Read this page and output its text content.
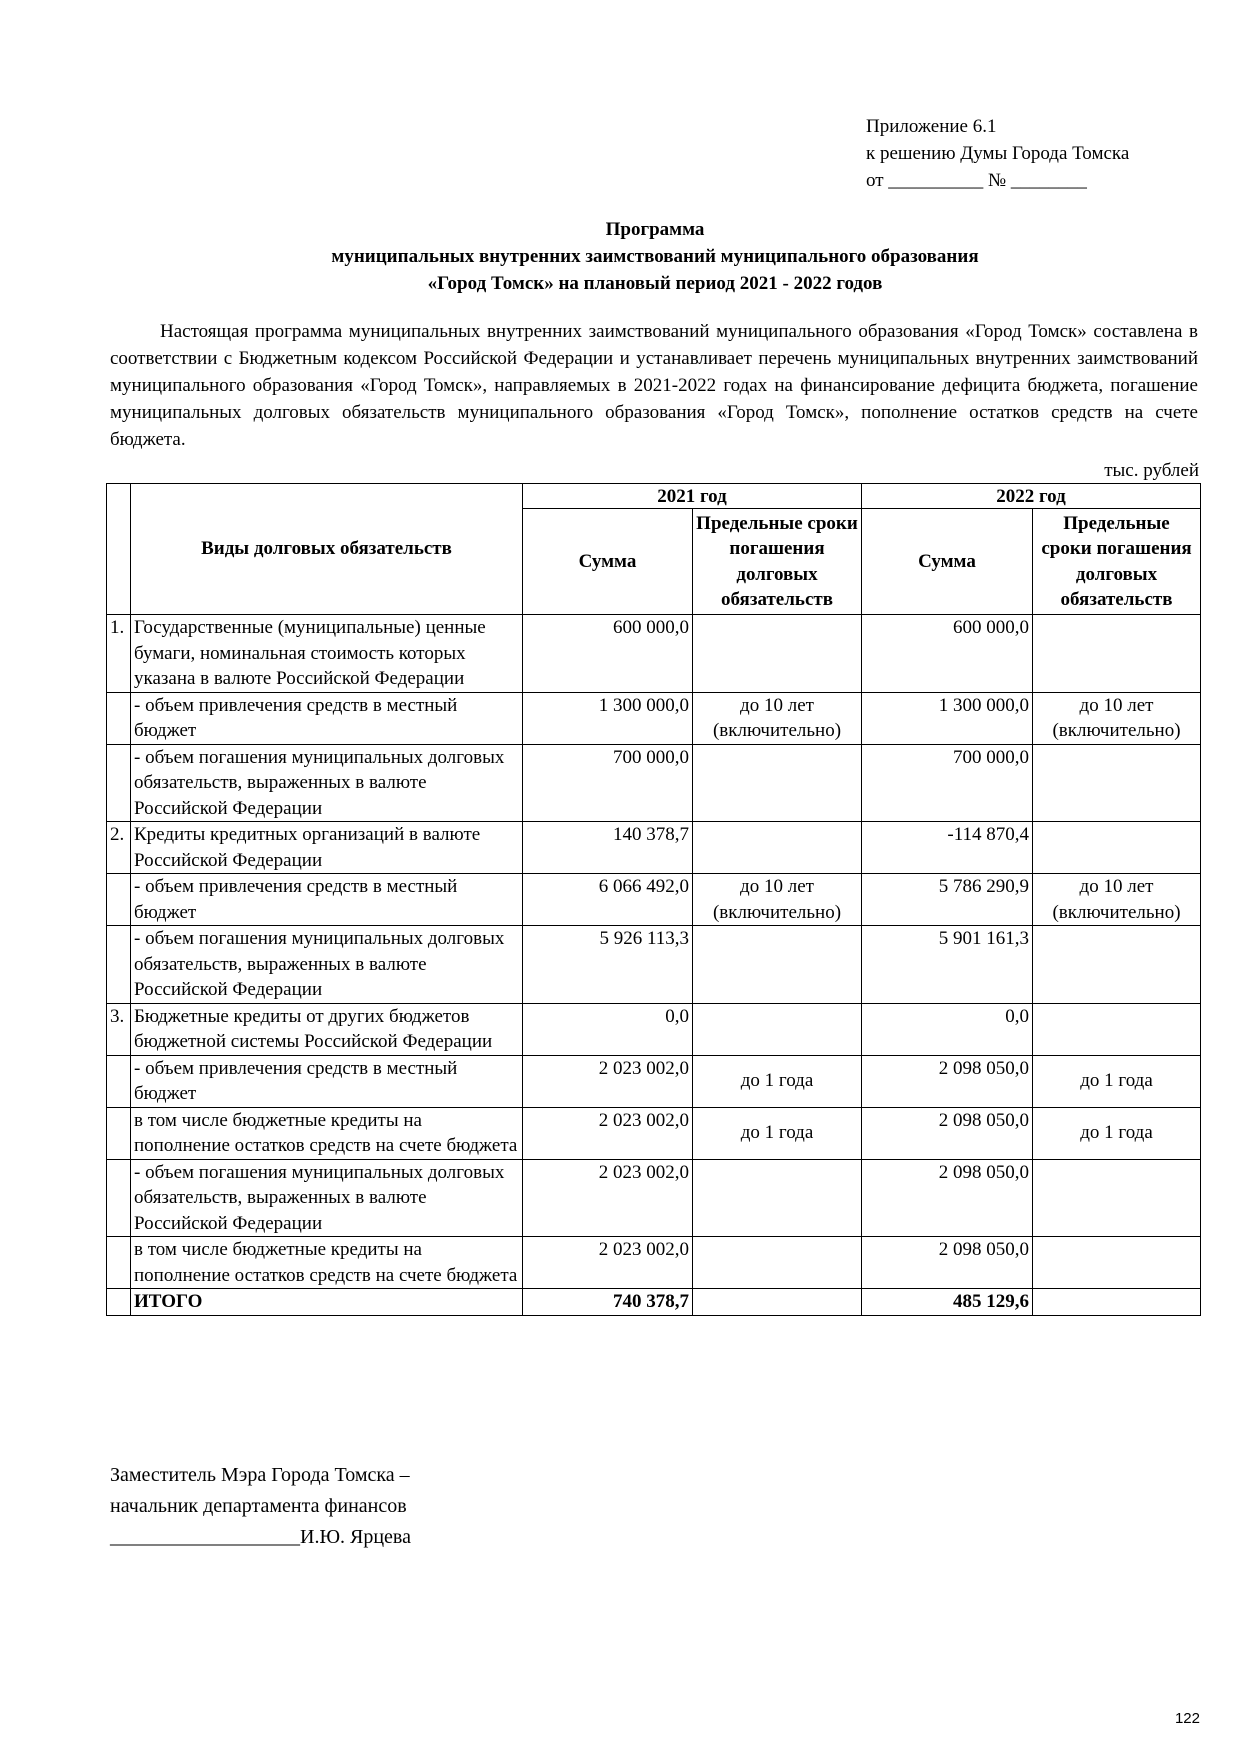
Приложение 6.1
к решению Думы Города Томска
от __________ № ________
Программа
муниципальных внутренних заимствований муниципального образования
«Город Томск» на плановый период 2021 - 2022 годов
Настоящая программа муниципальных внутренних заимствований муниципального образования «Город Томск» составлена в соответствии с Бюджетным кодексом Российской Федерации и устанавливает перечень муниципальных внутренних заимствований муниципального образования «Город Томск», направляемых в 2021-2022 годах на финансирование дефицита бюджета, погашение муниципальных долговых обязательств муниципального образования «Город Томск», пополнение остатков средств на счете бюджета.
тыс. рублей
	Виды долговых обязательств	2021 год		2022 год	
		Сумма	Предельные сроки погашения долговых обязательств	Сумма	Предельные сроки погашения долговых обязательств
1.	Государственные (муниципальные) ценные бумаги, номинальная стоимость которых указана в валюте Российской Федерации	600 000,0		600 000,0	
	- объем привлечения средств в местный бюджет	1 300 000,0	до 10 лет (включительно)	1 300 000,0	до 10 лет (включительно)
	- объем погашения муниципальных долговых обязательств, выраженных в валюте Российской Федерации	700 000,0		700 000,0	
2.	Кредиты кредитных организаций в валюте Российской Федерации	140 378,7		-114 870,4	
	- объем привлечения средств в местный бюджет	6 066 492,0	до 10 лет (включительно)	5 786 290,9	до 10 лет (включительно)
	- объем погашения муниципальных долговых обязательств, выраженных в валюте Российской Федерации	5 926 113,3		5 901 161,3	
3.	Бюджетные кредиты от других бюджетов бюджетной системы Российской Федерации	0,0		0,0	
	- объем привлечения средств в местный бюджет	2 023 002,0	до 1 года	2 098 050,0	до 1 года
	в том числе бюджетные кредиты на пополнение остатков средств на счете бюджета	2 023 002,0	до 1 года	2 098 050,0	до 1 года
	- объем погашения муниципальных долговых обязательств, выраженных в валюте Российской Федерации	2 023 002,0		2 098 050,0	
	в том числе бюджетные кредиты на пополнение остатков средств на счете бюджета	2 023 002,0		2 098 050,0	
	ИТОГО	740 378,7		485 129,6	
Заместитель Мэра Города Томска –
начальник департамента финансов
___________________И.Ю. Ярцева
122
